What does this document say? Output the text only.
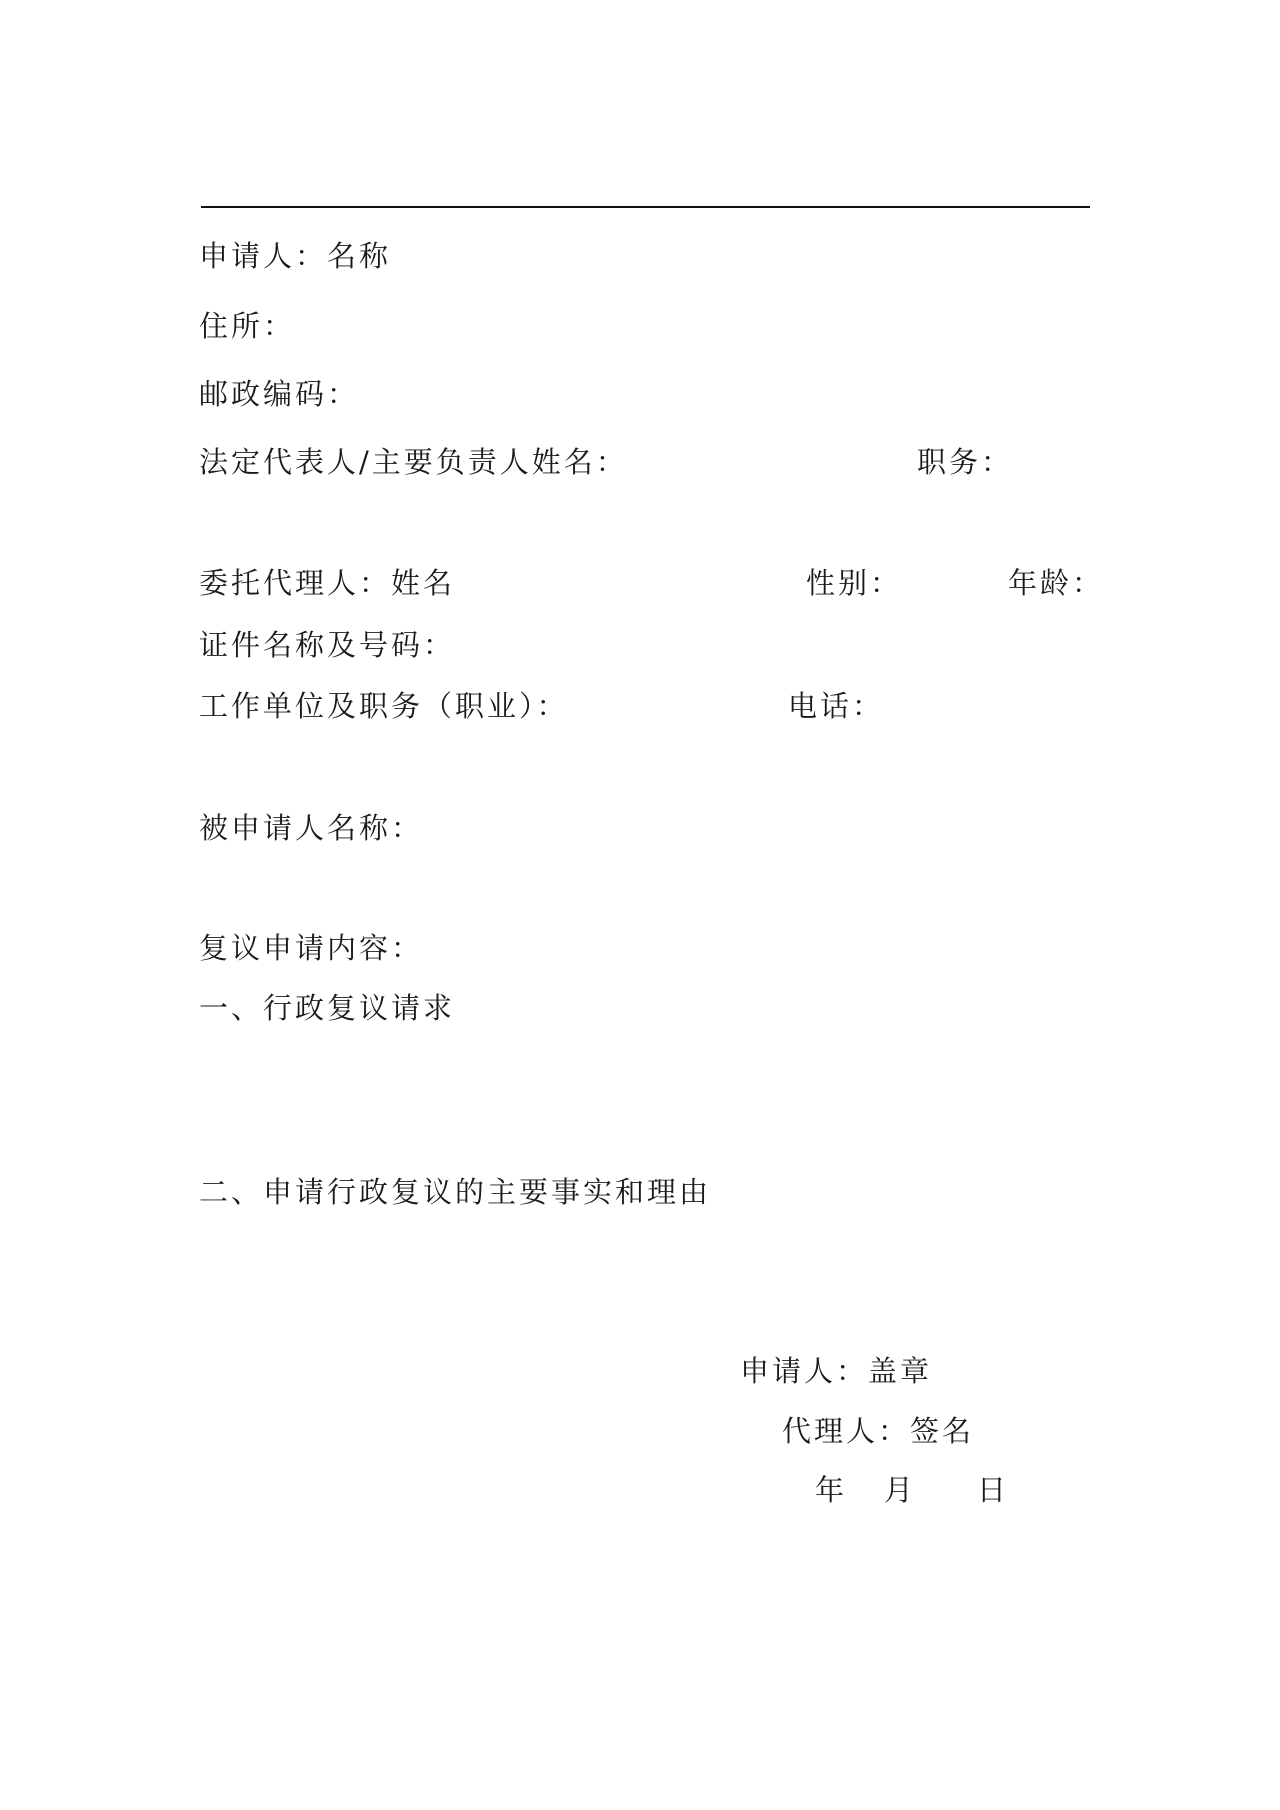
申请人：名称
住所：
邮政编码：
法定代表人/主要负责人姓名：	职务：
委托代理人：姓名	性别：	年龄：
证件名称及号码：
工作单位及职务（职业）：	电话：
被申请人名称：
复议申请内容：
一、行政复议请求
二、申请行政复议的主要事实和理由
申请人：盖章
代理人：签名
年 月 日
